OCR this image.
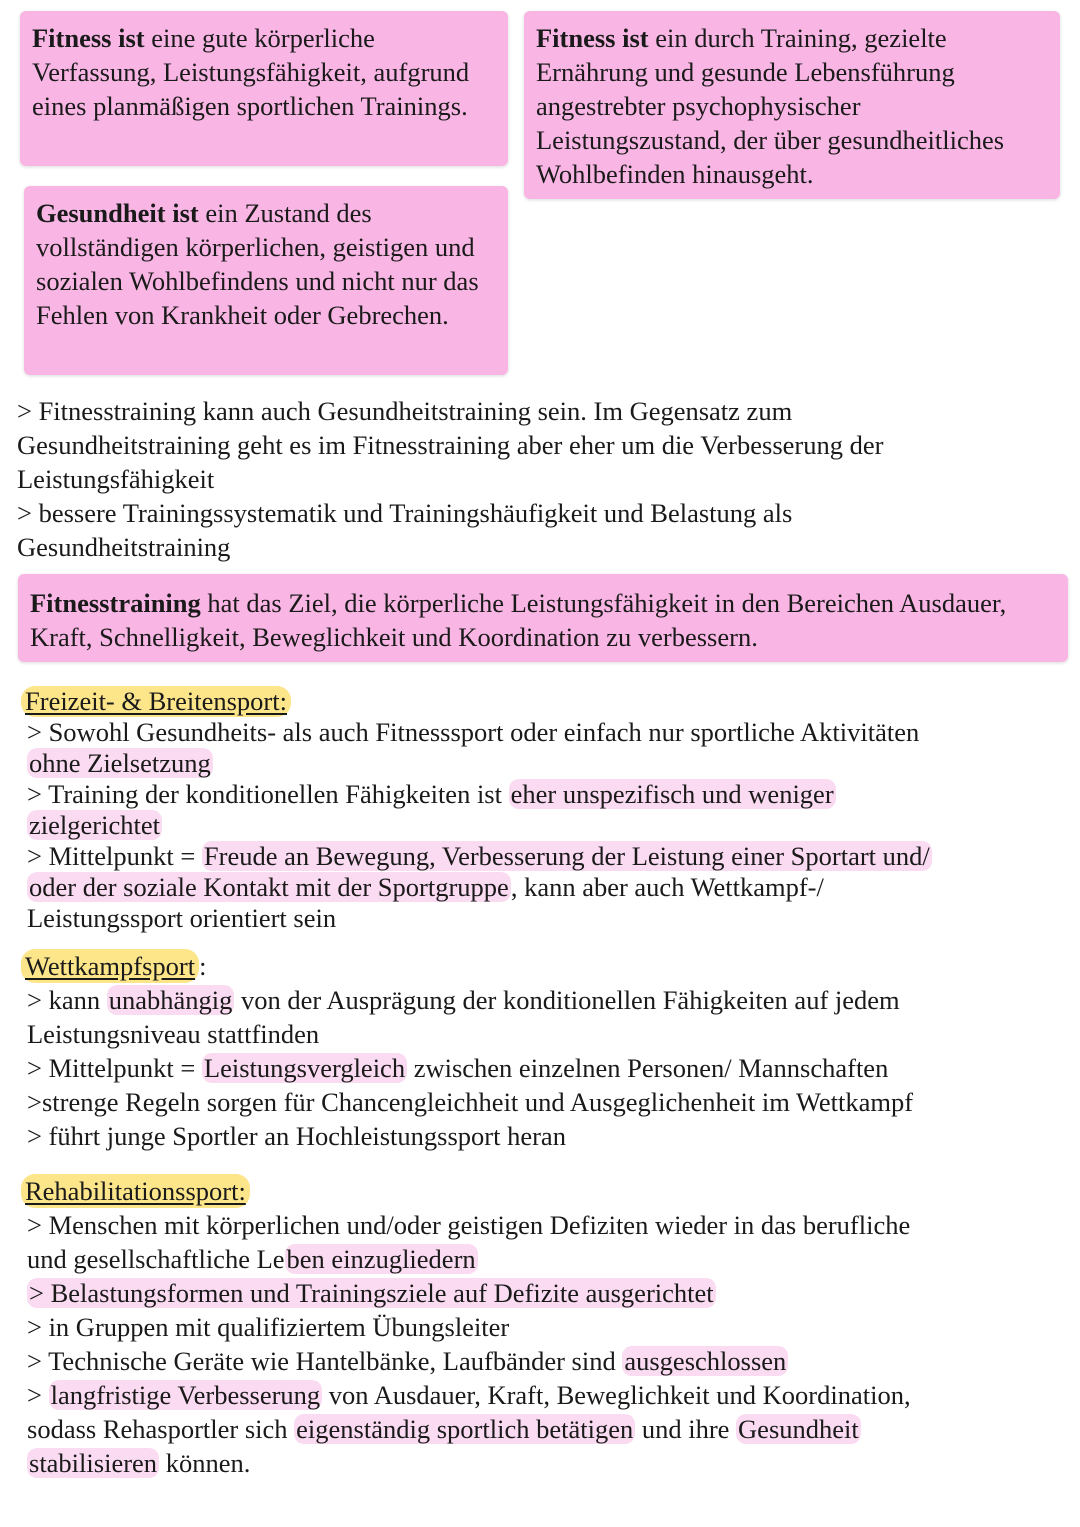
Fitness ist eine gute körperliche Verfassung, Leistungsfähigkeit, aufgrund eines planmäßigen sportlichen Trainings.
Fitness ist ein durch Training, gezielte Ernährung und gesunde Lebensführung angestrebter psychophysischer Leistungszustand, der über gesundheitliches Wohlbefinden hinausgeht.
Gesundheit ist ein Zustand des vollständigen körperlichen, geistigen und sozialen Wohlbefindens und nicht nur das Fehlen von Krankheit oder Gebrechen.
> Fitnesstraining kann auch Gesundheitstraining sein. Im Gegensatz zum
Gesundheitstraining geht es im Fitnesstraining aber eher um die Verbesserung der
Leistungsfähigkeit
> bessere Trainingssystematik und Trainingshäufigkeit und Belastung als
Gesundheitstraining
Fitnesstraining hat das Ziel, die körperliche Leistungsfähigkeit in den Bereichen Ausdauer, Kraft, Schnelligkeit, Beweglichkeit und Koordination zu verbessern.
Freizeit- & Breitensport:
> Sowohl Gesundheits- als auch Fitnesssport oder einfach nur sportliche Aktivitäten
ohne Zielsetzung
> Training der konditionellen Fähigkeiten ist eher unspezifisch und weniger
zielgerichtet
> Mittelpunkt = Freude an Bewegung, Verbesserung der Leistung einer Sportart und/
oder der soziale Kontakt mit der Sportgruppe, kann aber auch Wettkampf-/
Leistungssport orientiert sein
Wettkampfsport :
> kann unabhängig von der Ausprägung der konditionellen Fähigkeiten auf jedem
Leistungsniveau stattfinden
> Mittelpunkt = Leistungsvergleich zwischen einzelnen Personen/ Mannschaften
>strenge Regeln sorgen für Chancengleichheit und Ausgeglichenheit im Wettkampf
> führt junge Sportler an Hochleistungssport heran
Rehabilitationssport:
> Menschen mit körperlichen und/oder geistigen Defiziten wieder in das berufliche
und gesellschaftliche Leben einzugliedern
> Belastungsformen und Trainingsziele auf Defizite ausgerichtet
> in Gruppen mit qualifiziertem Übungsleiter
> Technische Geräte wie Hantelbänke, Laufbänder sind ausgeschlossen
> langfristige Verbesserung von Ausdauer, Kraft, Beweglichkeit und Koordination,
sodass Rehasportler sich eigenständig sportlich betätigen und ihre Gesundheit
stabilisieren können.
